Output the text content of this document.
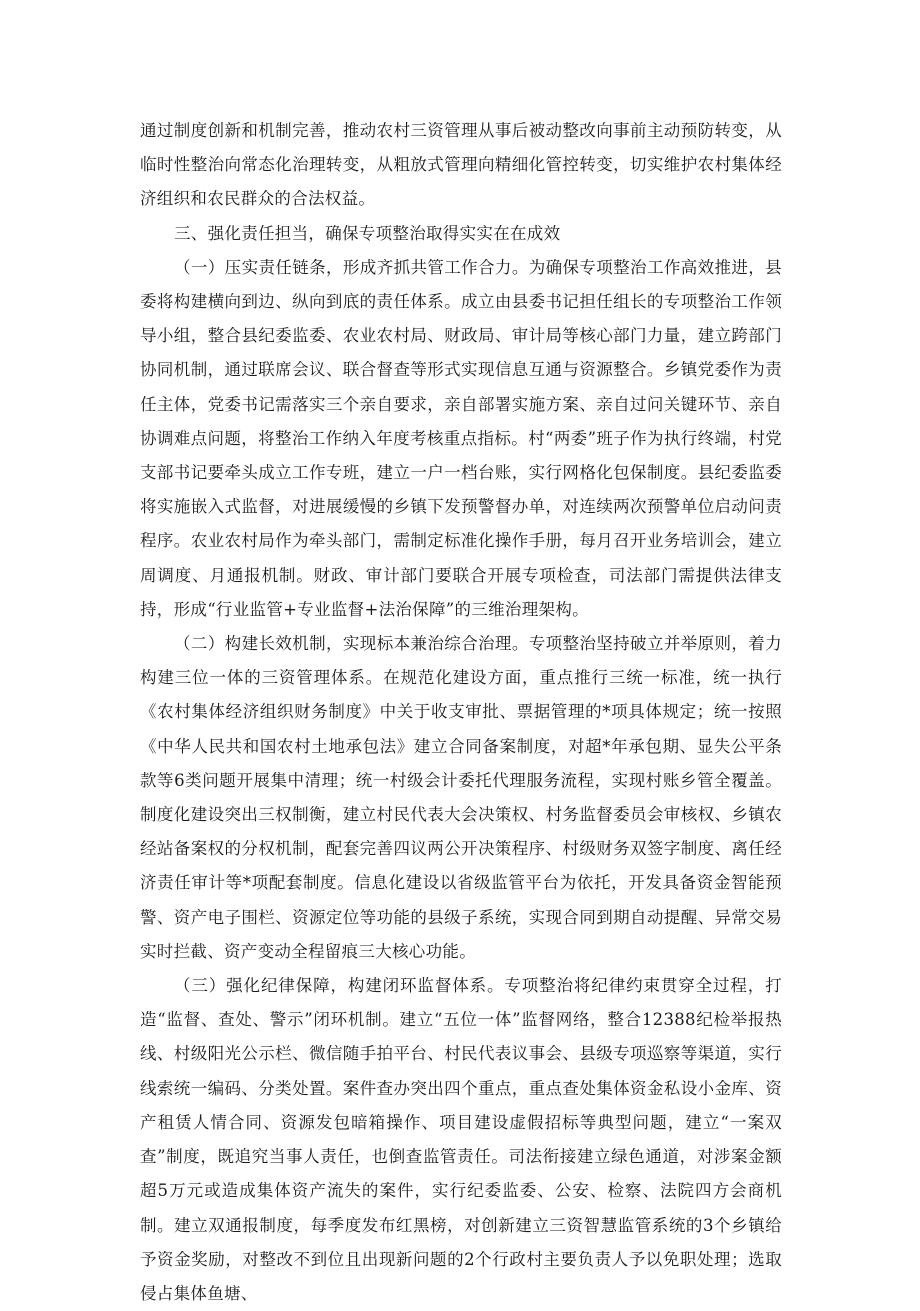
通过制度创新和机制完善，推动农村三资管理从事后被动整改向事前主动预防转变，从临时性整治向常态化治理转变，从粗放式管理向精细化管控转变，切实维护农村集体经济组织和农民群众的合法权益。

三、强化责任担当，确保专项整治取得实实在在成效

（一）压实责任链条，形成齐抓共管工作合力。为确保专项整治工作高效推进，县委将构建横向到边、纵向到底的责任体系。成立由县委书记担任组长的专项整治工作领导小组，整合县纪委监委、农业农村局、财政局、审计局等核心部门力量，建立跨部门协同机制，通过联席会议、联合督查等形式实现信息互通与资源整合。乡镇党委作为责任主体，党委书记需落实三个亲自要求，亲自部署实施方案、亲自过问关键环节、亲自协调难点问题，将整治工作纳入年度考核重点指标。村“两委”班子作为执行终端，村党支部书记要牵头成立工作专班，建立一户一档台账，实行网格化包保制度。县纪委监委将实施嵌入式监督，对进展缓慢的乡镇下发预警督办单，对连续两次预警单位启动问责程序。农业农村局作为牵头部门，需制定标准化操作手册，每月召开业务培训会，建立周调度、月通报机制。财政、审计部门要联合开展专项检查，司法部门需提供法律支持，形成“行业监管+专业监督+法治保障”的三维治理架构。

（二）构建长效机制，实现标本兼治综合治理。专项整治坚持破立并举原则，着力构建三位一体的三资管理体系。在规范化建设方面，重点推行三统一标准，统一执行《农村集体经济组织财务制度》中关于收支审批、票据管理的*项具体规定；统一按照《中华人民共和国农村土地承包法》建立合同备案制度，对超*年承包期、显失公平条款等6类问题开展集中清理；统一村级会计委托代理服务流程，实现村账乡管全覆盖。制度化建设突出三权制衡，建立村民代表大会决策权、村务监督委员会审核权、乡镇农经站备案权的分权机制，配套完善四议两公开决策程序、村级财务双签字制度、离任经济责任审计等*项配套制度。信息化建设以省级监管平台为依托，开发具备资金智能预警、资产电子围栏、资源定位等功能的县级子系统，实现合同到期自动提醒、异常交易实时拦截、资产变动全程留痕三大核心功能。

（三）强化纪律保障，构建闭环监督体系。专项整治将纪律约束贯穿全过程，打造“监督、查处、警示”闭环机制。建立“五位一体”监督网络，整合12388纪检举报热线、村级阳光公示栏、微信随手拍平台、村民代表议事会、县级专项巡察等渠道，实行线索统一编码、分类处置。案件查办突出四个重点，重点查处集体资金私设小金库、资产租赁人情合同、资源发包暗箱操作、项目建设虚假招标等典型问题，建立“一案双查”制度，既追究当事人责任，也倒查监管责任。司法衔接建立绿色通道，对涉案金额超5万元或造成集体资产流失的案件，实行纪委监委、公安、检察、法院四方会商机制。建立双通报制度，每季度发布红黑榜，对创新建立三资智慧监管系统的3个乡镇给予资金奖励，对整改不到位且出现新问题的2个行政村主要负责人予以免职处理；选取侵占集体鱼塘、
